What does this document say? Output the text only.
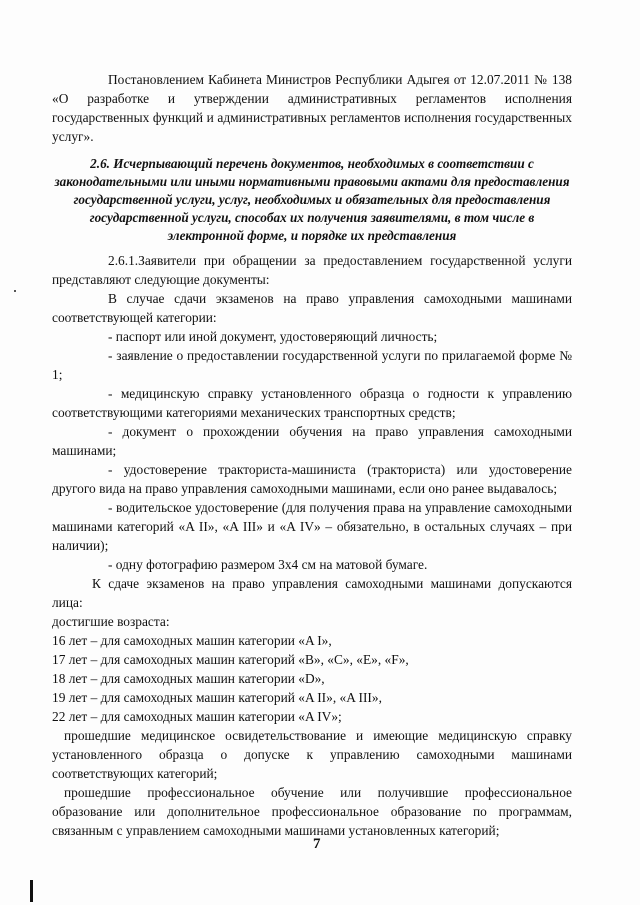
Постановлением Кабинета Министров Республики Адыгея от 12.07.2011 № 138 «О разработке и утверждении административных регламентов исполнения государственных функций и административных регламентов исполнения государственных услуг».

2.6. Исчерпывающий перечень документов, необходимых в соответствии с законодательными или иными нормативными правовыми актами для предоставления государственной услуги, услуг, необходимых и обязательных для предоставления государственной услуги, способах их получения заявителями, в том числе в электронной форме, и порядке их представления

2.6.1.Заявители при обращении за предоставлением государственной услуги представляют следующие документы:

В случае сдачи экзаменов на право управления самоходными машинами соответствующей категории:

- паспорт или иной документ, удостоверяющий личность;

- заявление о предоставлении государственной услуги по прилагаемой форме № 1;

- медицинскую справку установленного образца о годности к управлению соответствующими категориями механических транспортных средств;

- документ о прохождении обучения на право управления самоходными машинами;

- удостоверение тракториста-машиниста (тракториста) или удостоверение другого вида на право управления самоходными машинами, если оно ранее выдавалось;

- водительское удостоверение (для получения права на управление самоходными машинами категорий «A II», «A III» и «A IV» – обязательно, в остальных случаях – при наличии);

- одну фотографию размером 3х4 см на матовой бумаге.

К сдаче экзаменов на право управления самоходными машинами допускаются лица:

достигшие возраста:

16 лет – для самоходных машин категории «A I»,

17 лет – для самоходных машин категорий «B», «C», «E», «F»,

18 лет – для самоходных машин категории «D»,

19 лет – для самоходных машин категорий «A II», «A III»,

22 лет – для самоходных машин категории «A IV»;

прошедшие медицинское освидетельствование и имеющие медицинскую справку установленного образца о допуске к управлению самоходными машинами соответствующих категорий;

прошедшие профессиональное обучение или получившие профессиональное образование или дополнительное профессиональное образование по программам, связанным с управлением самоходными машинами установленных категорий;

7
